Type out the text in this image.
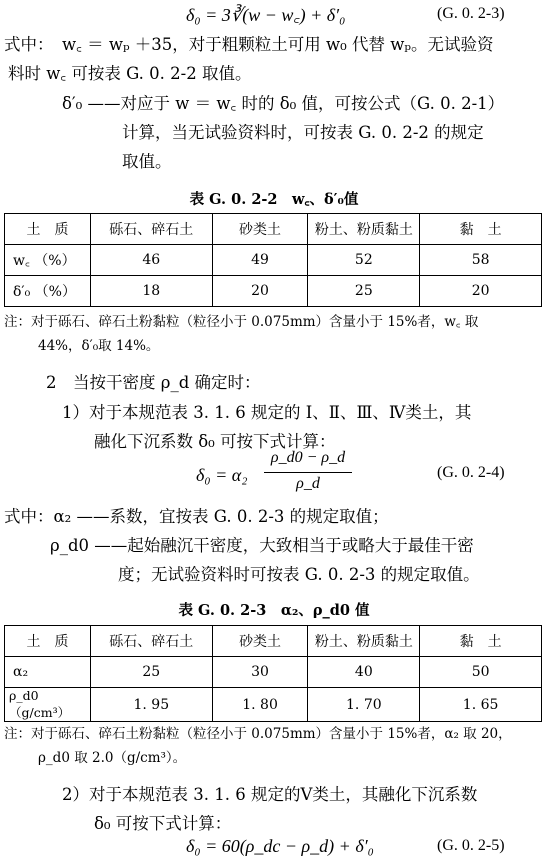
δ₀ = 3∛(w − w꜀) + δ′₀	(G. 0. 2-3)
式中： w꜀ ＝ wₚ ＋35，对于粗颗粒土可用 w₀ 代替 wₚ。无试验资
料时 w꜀ 可按表 G. 0. 2-2 取值。
δ′₀ ——对应于 w ＝ w꜀ 时的 δ₀ 值，可按公式（G. 0. 2-1）
计算，当无试验资料时，可按表 G. 0. 2-2 的规定
取值。
表 G. 0. 2-2　w꜀、δ′₀值
土　质	砾石、碎石土	砂类土	粉土、粉质黏土	黏　土
w꜀ （%）	46	49	52	58
δ′₀ （%）	18	20	25	20
注：对于砾石、碎石土粉黏粒（粒径小于 0.075mm）含量小于 15%者，w꜀ 取
44%，δ′₀取 14%。
2　当按干密度 ρ_d 确定时：
1）对于本规范表 3. 1. 6 规定的 Ⅰ、Ⅱ、Ⅲ、Ⅳ类土，其
融化下沉系数 δ₀ 可按下式计算：
δ₀ = α₂
ρ_d0 − ρ_d
ρ_d
(G. 0. 2-4)
式中：α₂ ——系数，宜按表 G. 0. 2-3 的规定取值；
ρ_d0 ——起始融沉干密度，大致相当于或略大于最佳干密
度；无试验资料时可按表 G. 0. 2-3 的规定取值。
表 G. 0. 2-3　α₂、ρ_d0 值
土　质	砾石、碎石土	砂类土	粉土、粉质黏土	黏　土
α₂	25	30	40	50
ρ_d0（g/cm³）	1. 95	1. 80	1. 70	1. 65
注：对于砾石、碎石土粉黏粒（粒径小于 0.075mm）含量小于 15%者，α₂ 取 20，
ρ_d0 取 2.0（g/cm³）。
2）对于本规范表 3. 1. 6 规定的Ⅴ类土，其融化下沉系数
δ₀ 可按下式计算：
δ₀ = 60(ρ_dc − ρ_d) + δ′₀	(G. 0. 2-5)
